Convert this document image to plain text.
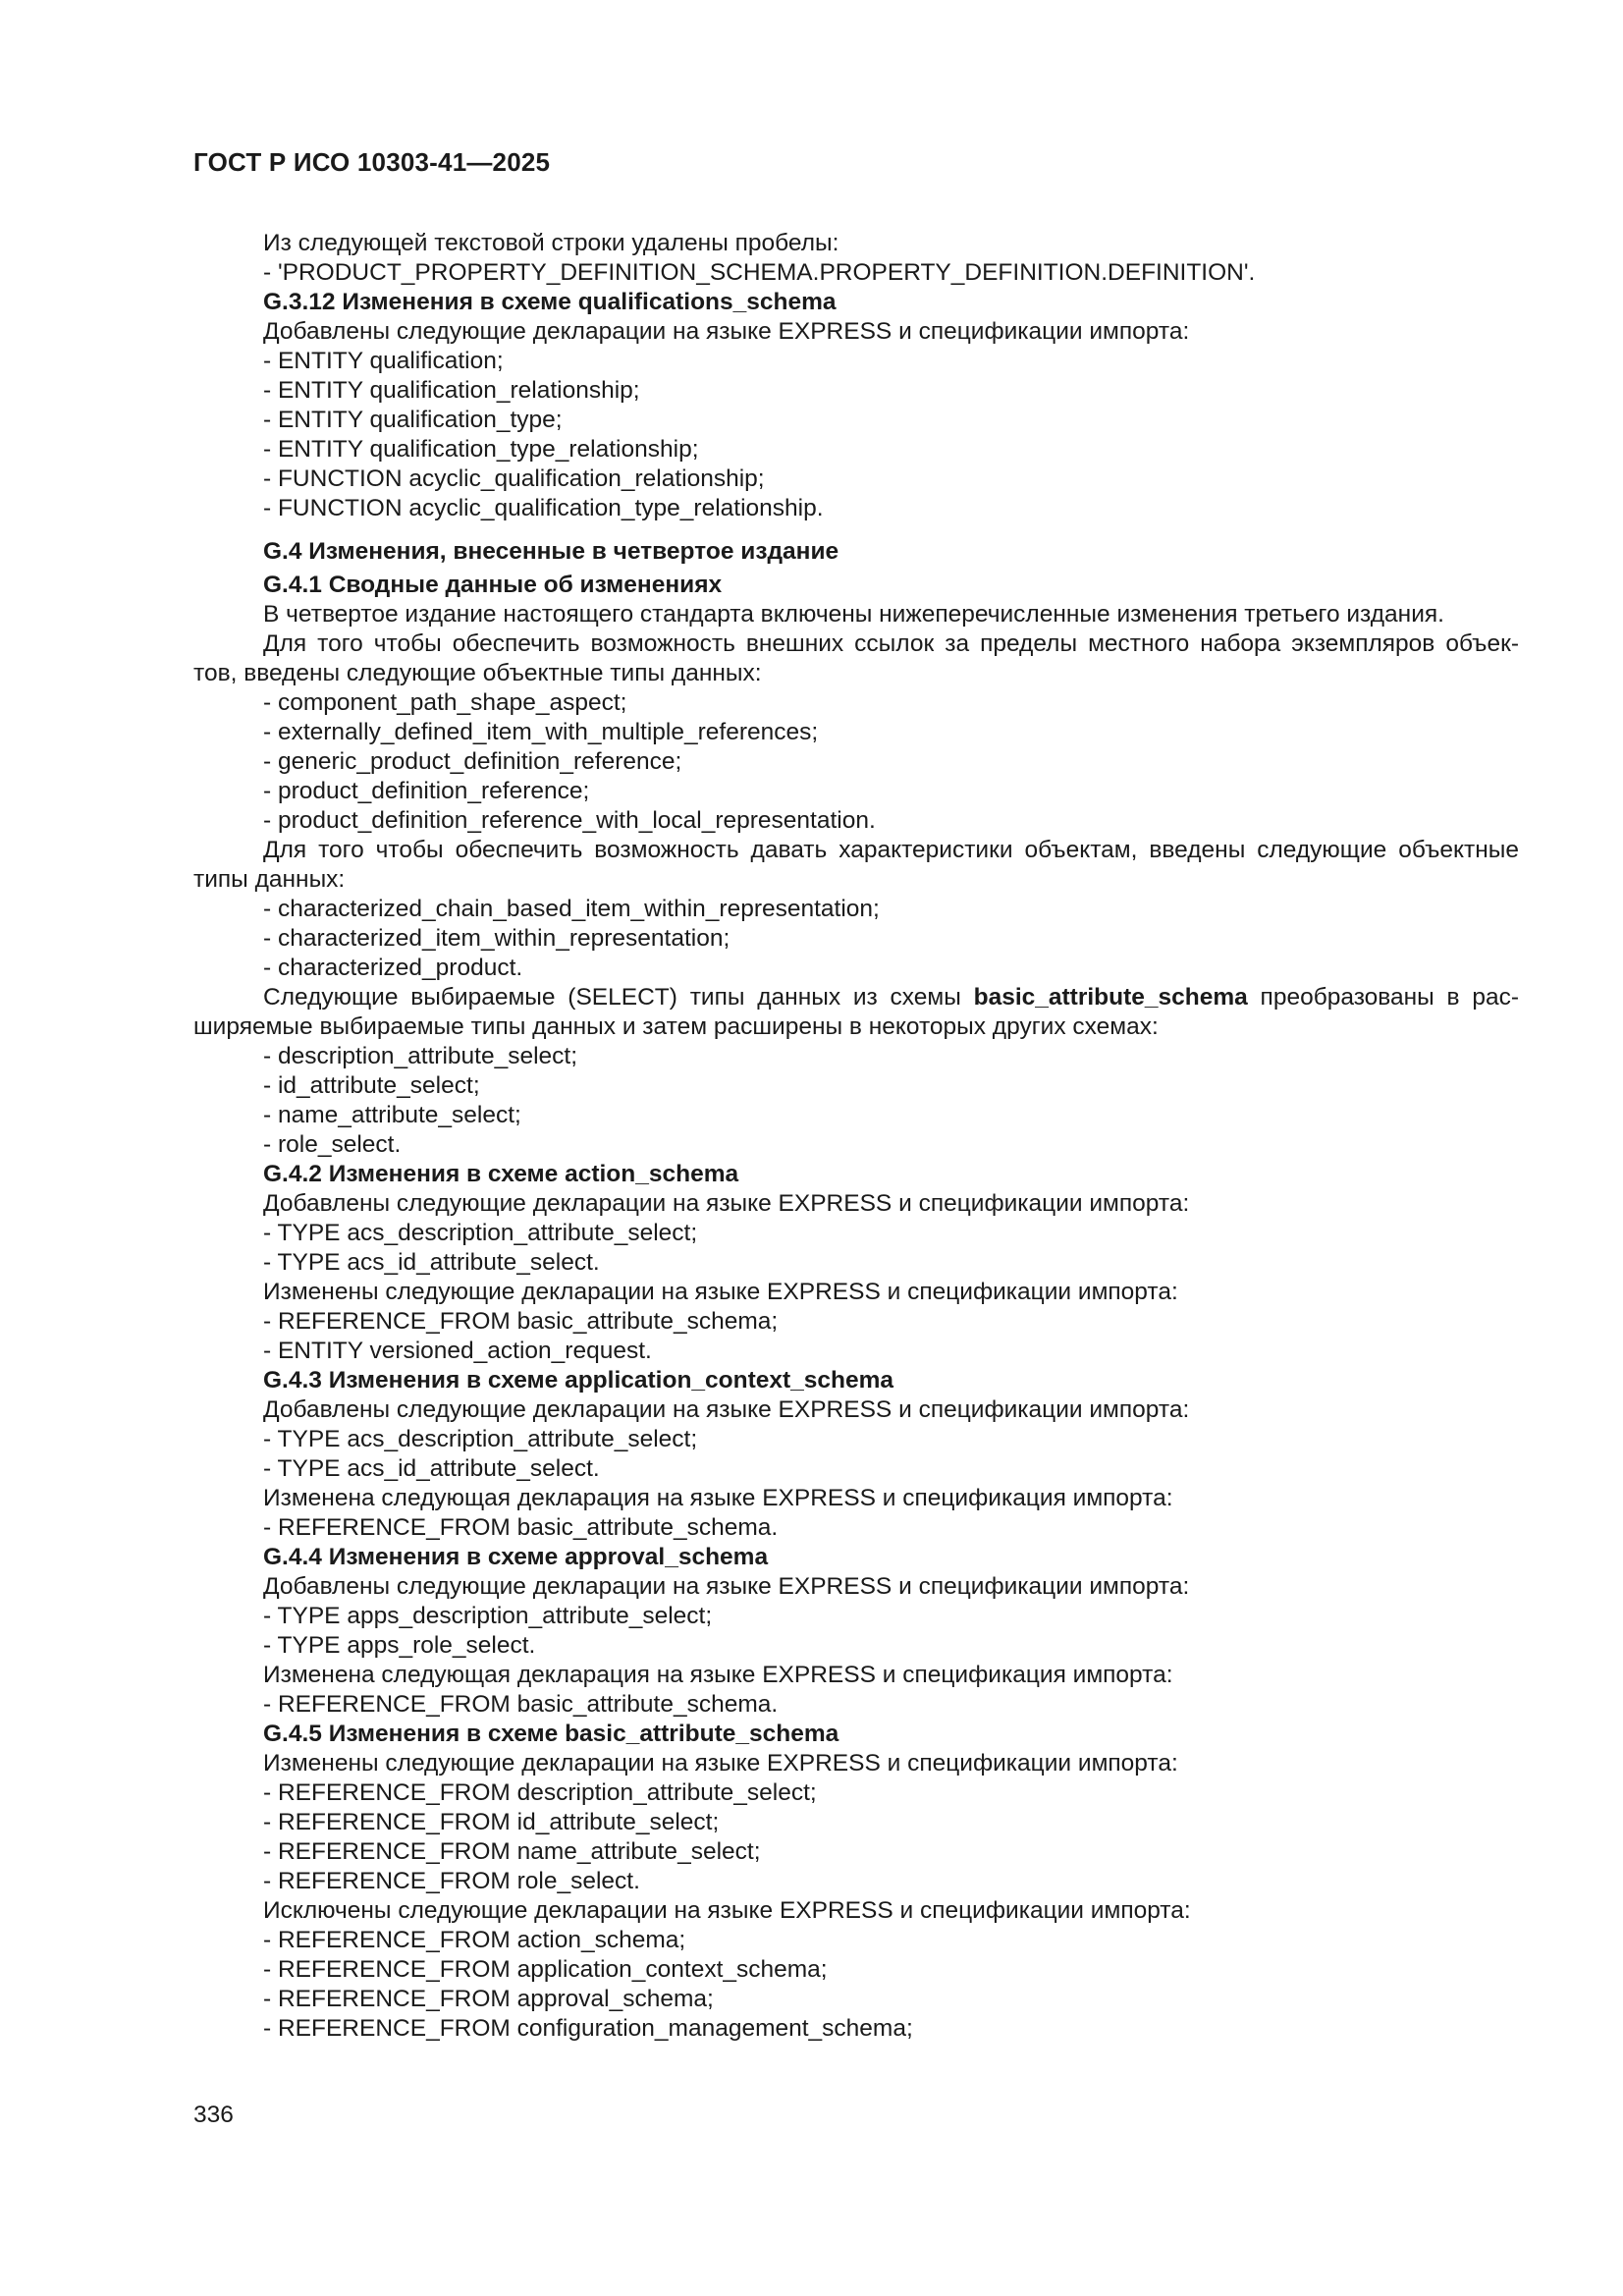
ГОСТ Р ИСО 10303-41—2025
Из следующей текстовой строки удалены пробелы:
- 'PRODUCT_PROPERTY_DEFINITION_SCHEMA.PROPERTY_DEFINITION.DEFINITION'.
G.3.12 Изменения в схеме qualifications_schema
Добавлены следующие декларации на языке EXPRESS и спецификации импорта:
- ENTITY qualification;
- ENTITY qualification_relationship;
- ENTITY qualification_type;
- ENTITY qualification_type_relationship;
- FUNCTION acyclic_qualification_relationship;
- FUNCTION acyclic_qualification_type_relationship.
G.4 Изменения, внесенные в четвертое издание
G.4.1 Сводные данные об изменениях
В четвертое издание настоящего стандарта включены нижеперечисленные изменения третьего издания.
Для того чтобы обеспечить возможность внешних ссылок за пределы местного набора экземпляров объек-
тов, введены следующие объектные типы данных:
- component_path_shape_aspect;
- externally_defined_item_with_multiple_references;
- generic_product_definition_reference;
- product_definition_reference;
- product_definition_reference_with_local_representation.
Для того чтобы обеспечить возможность давать характеристики объектам, введены следующие объектные
типы данных:
- characterized_chain_based_item_within_representation;
- characterized_item_within_representation;
- characterized_product.
Следующие выбираемые (SELECT) типы данных из схемы basic_attribute_schema преобразованы в рас-
ширяемые выбираемые типы данных и затем расширены в некоторых других схемах:
- description_attribute_select;
- id_attribute_select;
- name_attribute_select;
- role_select.
G.4.2 Изменения в схеме action_schema
Добавлены следующие декларации на языке EXPRESS и спецификации импорта:
- TYPE acs_description_attribute_select;
- TYPE acs_id_attribute_select.
Изменены следующие декларации на языке EXPRESS и спецификации импорта:
- REFERENCE_FROM basic_attribute_schema;
- ENTITY versioned_action_request.
G.4.3 Изменения в схеме application_context_schema
Добавлены следующие декларации на языке EXPRESS и спецификации импорта:
- TYPE acs_description_attribute_select;
- TYPE acs_id_attribute_select.
Изменена следующая декларация на языке EXPRESS и спецификация импорта:
- REFERENCE_FROM basic_attribute_schema.
G.4.4 Изменения в схеме approval_schema
Добавлены следующие декларации на языке EXPRESS и спецификации импорта:
- TYPE apps_description_attribute_select;
- TYPE apps_role_select.
Изменена следующая декларация на языке EXPRESS и спецификация импорта:
- REFERENCE_FROM basic_attribute_schema.
G.4.5 Изменения в схеме basic_attribute_schema
Изменены следующие декларации на языке EXPRESS и спецификации импорта:
- REFERENCE_FROM description_attribute_select;
- REFERENCE_FROM id_attribute_select;
- REFERENCE_FROM name_attribute_select;
- REFERENCE_FROM role_select.
Исключены следующие декларации на языке EXPRESS и спецификации импорта:
- REFERENCE_FROM action_schema;
- REFERENCE_FROM application_context_schema;
- REFERENCE_FROM approval_schema;
- REFERENCE_FROM configuration_management_schema;
336
